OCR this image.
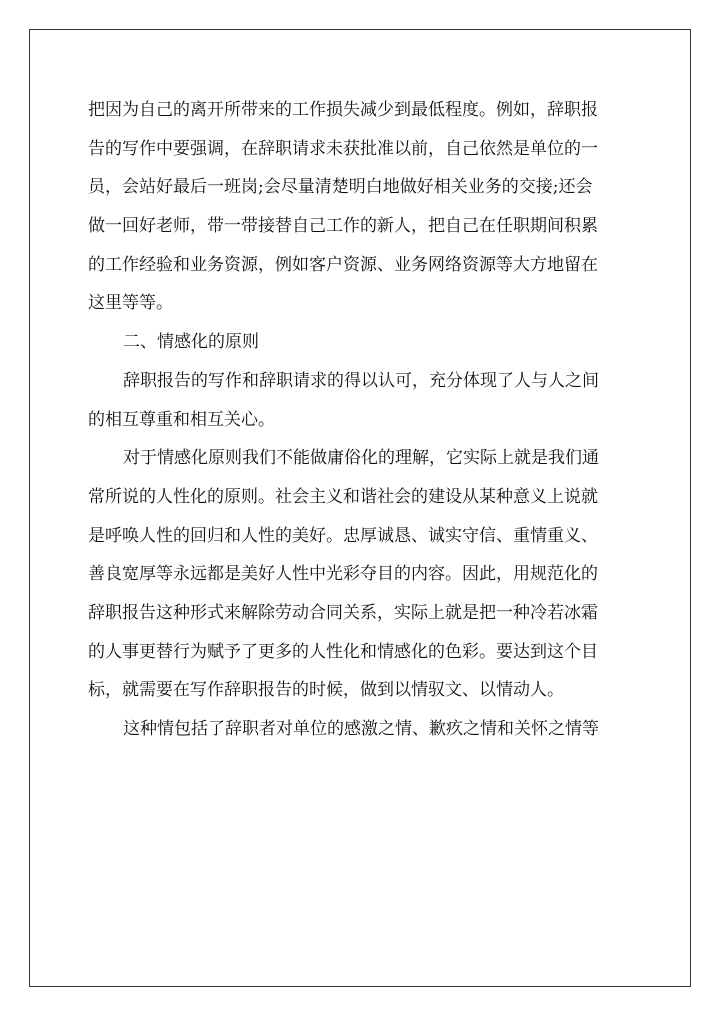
把因为自己的离开所带来的工作损失减少到最低程度。例如，辞职报
告的写作中要强调，在辞职请求未获批准以前，自己依然是单位的一
员，会站好最后一班岗;会尽量清楚明白地做好相关业务的交接;还会
做一回好老师，带一带接替自己工作的新人，把自己在任职期间积累
的工作经验和业务资源，例如客户资源、业务网络资源等大方地留在
这里等等。
二、情感化的原则
辞职报告的写作和辞职请求的得以认可，充分体现了人与人之间
的相互尊重和相互关心。
对于情感化原则我们不能做庸俗化的理解，它实际上就是我们通
常所说的人性化的原则。社会主义和谐社会的建设从某种意义上说就
是呼唤人性的回归和人性的美好。忠厚诚恳、诚实守信、重情重义、
善良宽厚等永远都是美好人性中光彩夺目的内容。因此，用规范化的
辞职报告这种形式来解除劳动合同关系，实际上就是把一种冷若冰霜
的人事更替行为赋予了更多的人性化和情感化的色彩。要达到这个目
标，就需要在写作辞职报告的时候，做到以情驭文、以情动人。
这种情包括了辞职者对单位的感激之情、歉疚之情和关怀之情等
